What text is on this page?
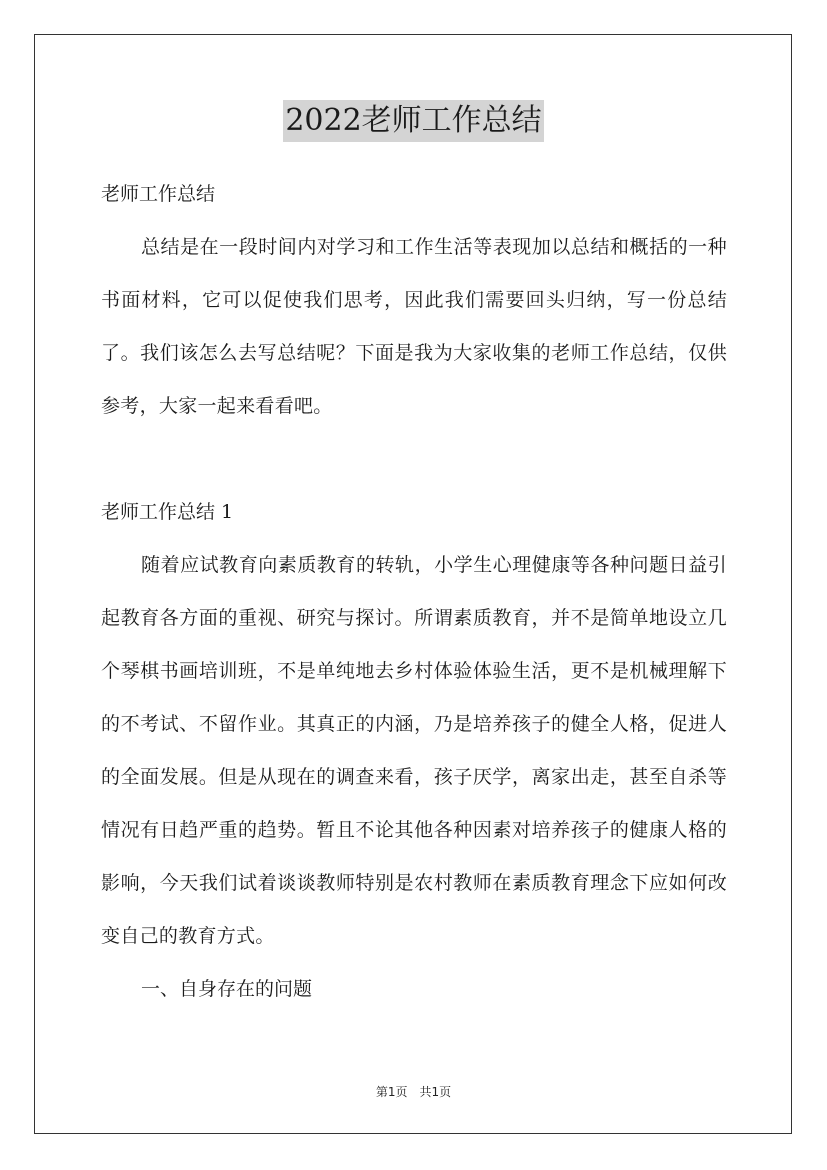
2022老师工作总结

老师工作总结

总结是在一段时间内对学习和工作生活等表现加以总结和概括的一种书面材料，它可以促使我们思考，因此我们需要回头归纳，写一份总结了。我们该怎么去写总结呢？下面是我为大家收集的老师工作总结，仅供参考，大家一起来看看吧。

老师工作总结 1

随着应试教育向素质教育的转轨，小学生心理健康等各种问题日益引起教育各方面的重视、研究与探讨。所谓素质教育，并不是简单地设立几个琴棋书画培训班，不是单纯地去乡村体验体验生活，更不是机械理解下的不考试、不留作业。其真正的内涵，乃是培养孩子的健全人格，促进人的全面发展。但是从现在的调查来看，孩子厌学，离家出走，甚至自杀等情况有日趋严重的趋势。暂且不论其他各种因素对培养孩子的健康人格的影响，今天我们试着谈谈教师特别是农村教师在素质教育理念下应如何改变自己的教育方式。

一、自身存在的问题

第1页　共1页
